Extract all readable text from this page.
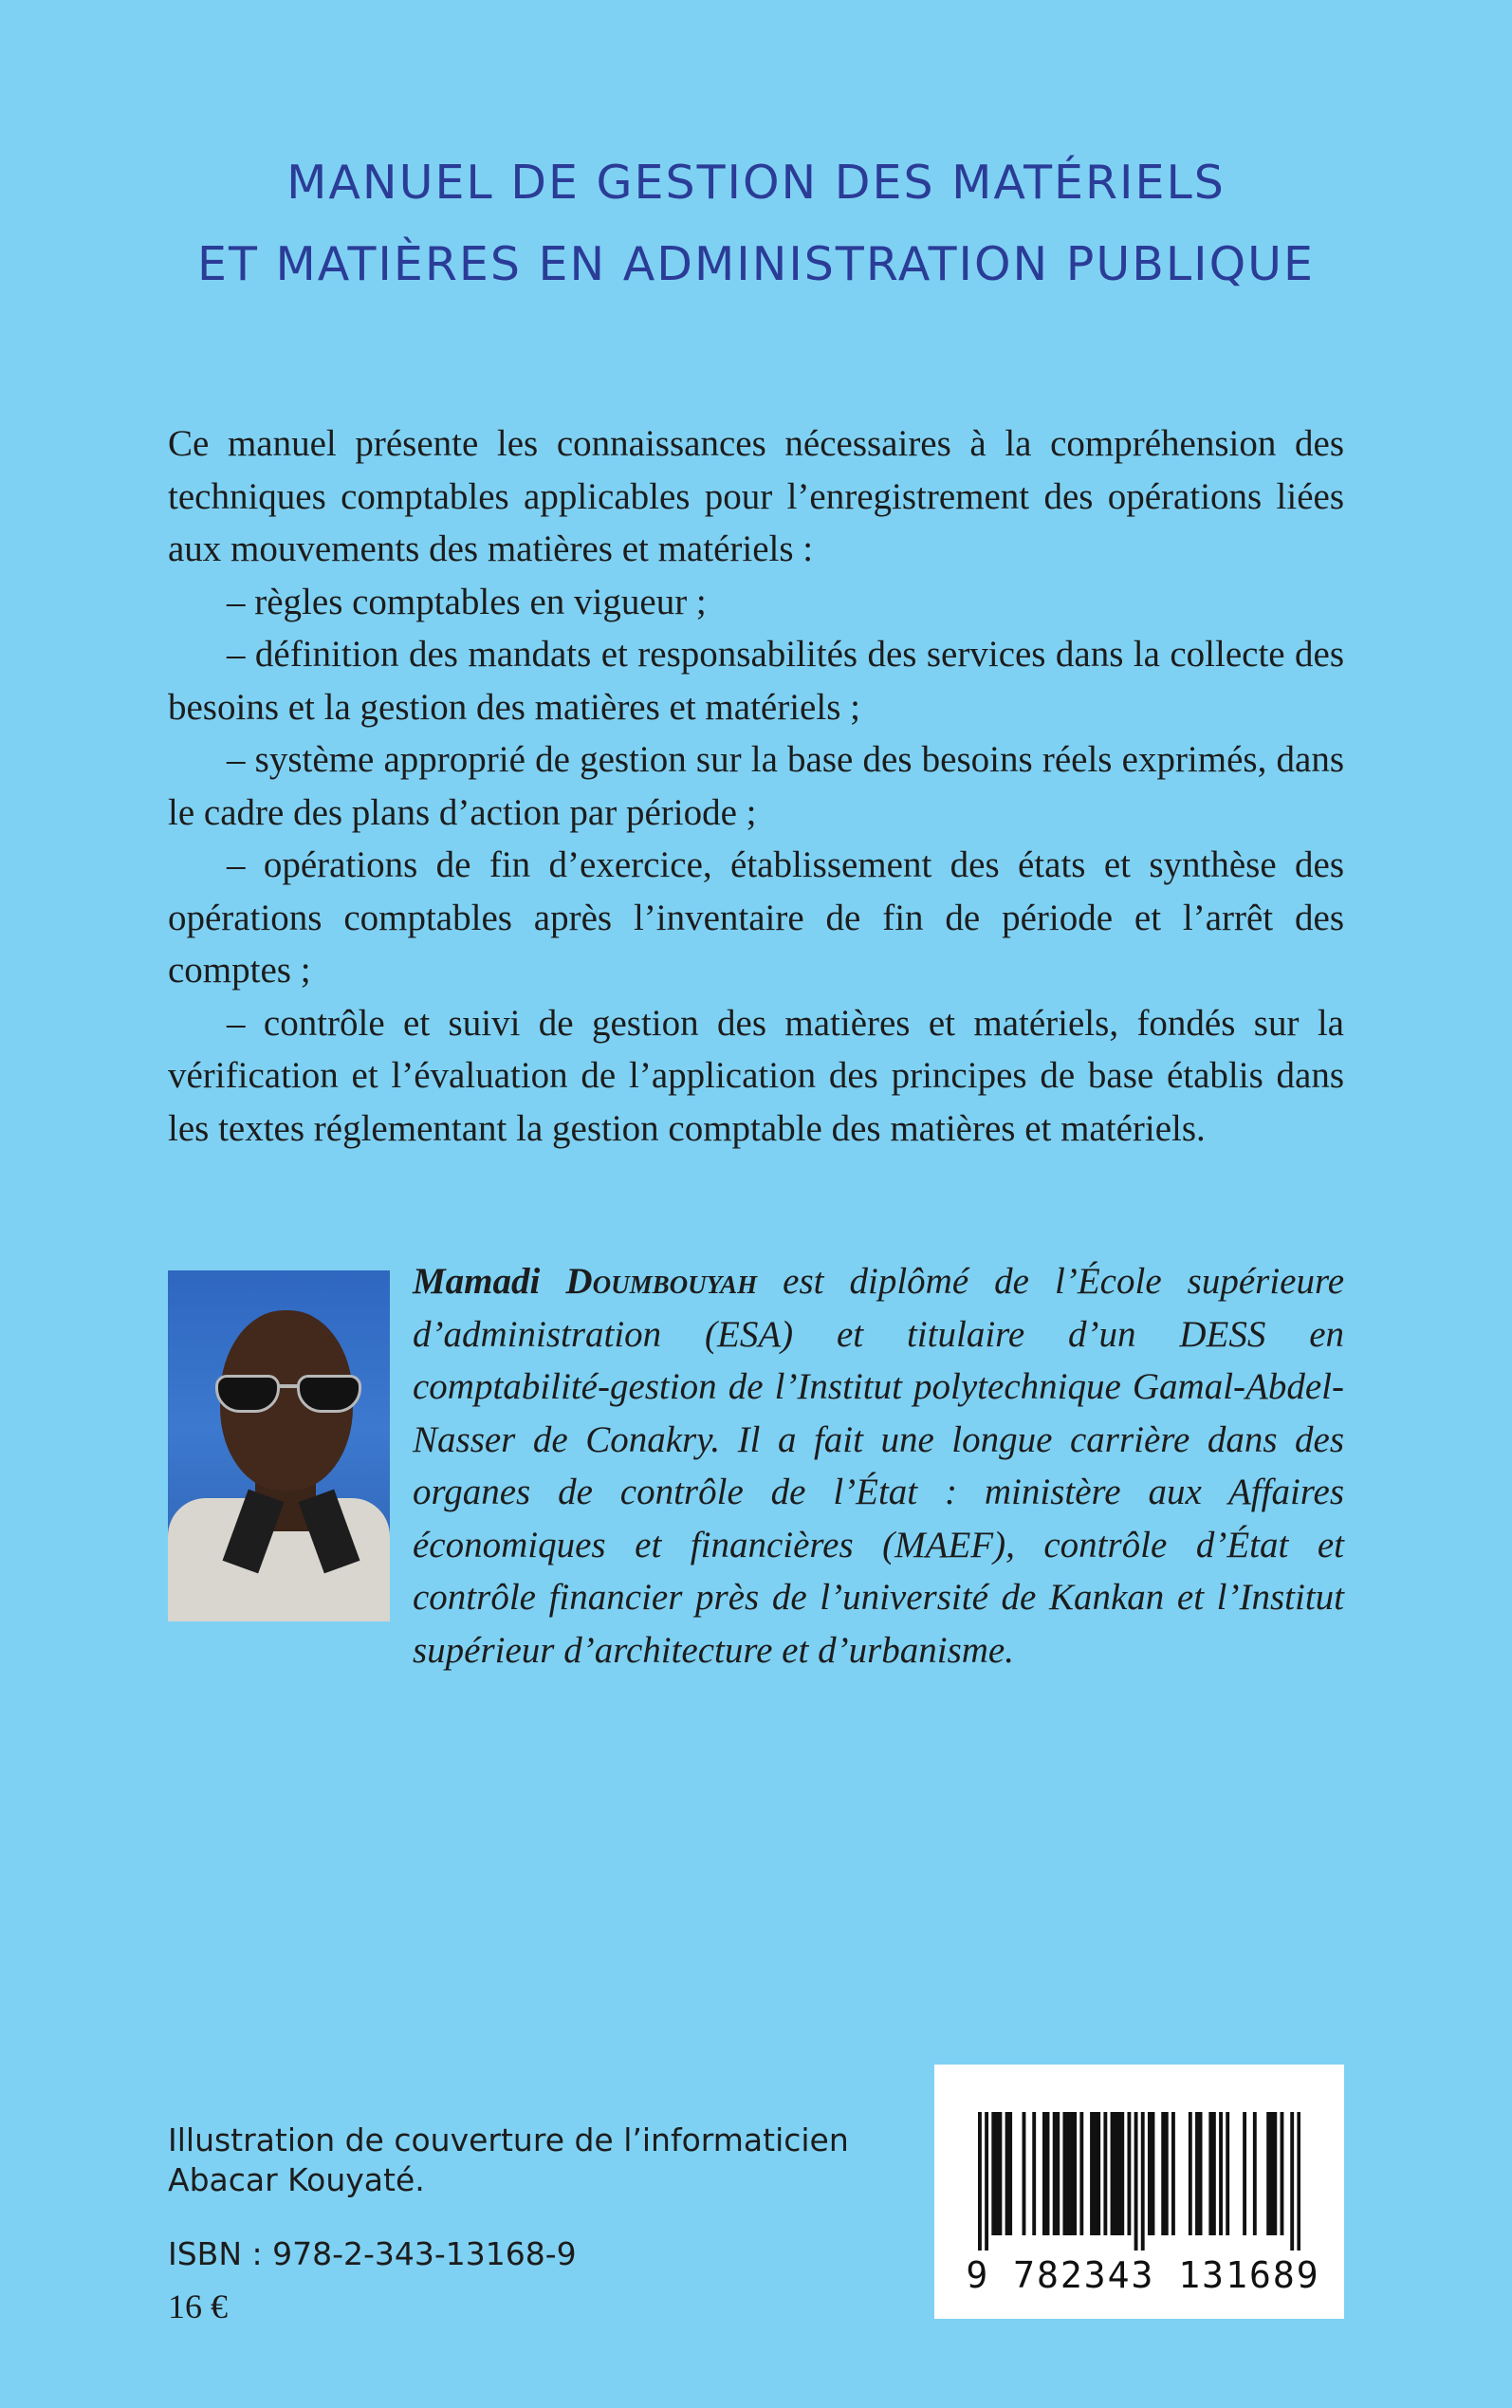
MANUEL DE GESTION DES MATÉRIELS
ET MATIÈRES EN ADMINISTRATION PUBLIQUE

Ce manuel présente les connaissances nécessaires à la compréhension des techniques comptables applicables pour l’enregistrement des opérations liées aux mouvements des matières et matériels :

– règles comptables en vigueur ;

– définition des mandats et responsabilités des services dans la collecte des besoins et la gestion des matières et matériels ;

– système approprié de gestion sur la base des besoins réels exprimés, dans le cadre des plans d’action par période ;

– opérations de fin d’exercice, établissement des états et synthèse des opérations comptables après l’inventaire de fin de période et l’arrêt des comptes ;

– contrôle et suivi de gestion des matières et matériels, fondés sur la vérification et l’évaluation de l’application des principes de base établis dans les textes réglementant la gestion comptable des matières et matériels.

Mamadi Doumbouyah est diplômé de l’École supérieure d’administration (ESA) et titulaire d’un DESS en comptabilité-gestion de l’Institut polytechnique Gamal-Abdel-Nasser de Conakry. Il a fait une longue carrière dans des organes de contrôle de l’État : ministère aux Affaires économiques et financières (MAEF), contrôle d’État et contrôle financier près de l’université de Kankan et l’Institut supérieur d’architecture et d’urbanisme.
Illustration de couverture de l’informaticien
Abacar Kouyaté.
ISBN : 978-2-343-13168-9
16 €
9 782343 131689
